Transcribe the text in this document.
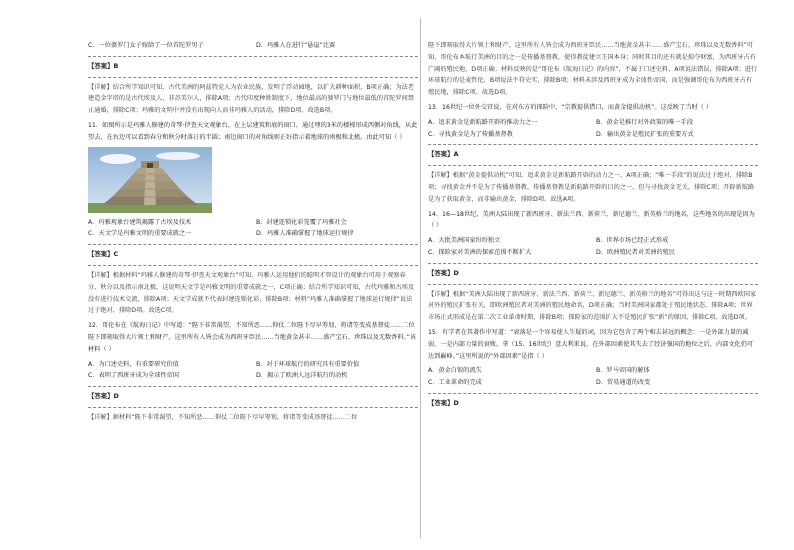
C．一位婆罗门女子嫁给了一位首陀罗男子	D．玛雅人在进行“悬崖”比赛

【答案】B

【详解】结合所学知识可知，古代美洲的阿兹特克人为农业民族，发明了浮动园地，以扩大耕种面积，B项正确；为法老建造金字塔的是古代埃及人，非苏美尔人，排除A项；古代印度种姓制度下，地位最高的婆罗门与地位最低的首陀罗间禁止通婚，排除C项；玛雅的文明中并没有出现向人而非玛雅人的活动，排除D项。故选B项。

11．如图所示是玛雅人修建的奇琴·伊查天文观象台，在上层建筑和底的窗口，通过埋的3米的楼梯形成西侧对角线，从此望去，在右边可以看到春分和秋分时落日的半圆；南边窗口的对角线则正好指示着地球的南极和北极。由此可知（ ）

A．玛雅观象台建筑揭露了古埃及技术	B．封建连锁化彩笼覆了玛雅社会
C．天文学是玛雅文明的重要成就之一	D．玛雅人准确掌握了地球运行规律

【答案】C

【详解】根据材料“玛雅人修建的奇琴·伊查天文观象台”可知，玛雅人运用他们的聪明才智设计的观象台可用于观察春分、秋分以及指示南北极，这说明天文学是玛雅文明的重要成就之一，C项正确；结合所学知识可知，古代玛雅和古埃及没有进行技术交流，排除A项；天文学成就不代表封建连锁化彩，排除B项；材料“玛雅人准确掌握了地球运行规律”说法过于绝对，排除D项。故选C项。

12．哥伦布在《航海日记》中写道：“陛下非常渴望，不知所恶……仰仗二位陛下尽早筹划，将诸等变成基督徒……二位陛下即刻取得大片领土和财产，这里所有人皆会成为西班牙臣民……当地黄金甚丰……盛产宝石、珍珠以及无数香料。”该材料（ ）

A．为口述史料，有重要研究价值	B．对于环球航行的研究具有重要价值
C．表明了西班牙成为全球性帝国	D．揭示了欧洲人远洋航行的动机

【答案】D

【详解】据材料“陛下非常渴望，不知所恶……仰仗二位陛下尽早筹划，将诸等变成基督徒……二位

陛下即刻取得大片领土和财产，这里所有人皆会成为西班牙臣民……当地黄金甚丰……盛产宝石、珍珠以及无数香料”可知，哥伦布本航行美洲的目的之一是传播基督教，使得教徒建立王国本身；同时其目的还有就是掠夺财富，为西班牙占有广阔的殖民地，D项正确；材料反映的是“哥伦布《航海日记》的内容”，不属于口述史料，A项说法错误，排除A项；进行环球航行的是麦哲伦，B项说法不符史实，排除B项；材料未涉及西班牙成为全球性帝国，而是强调哥伦布为西班牙占有殖民地，排除C项。故选D项。

13．16世纪一位外交官说，在对东方的探险中，“宗教提供借口，而黄金提供动机”。这反映了当时（ ）

A．追求黄金是新航路开辟的推动力之一	B．黄金是推行对外政策的唯一手段
C．寻找黄金是为了传播基督教	D．输出黄金是殖民扩张的重要方式

【答案】A

【详解】根据“黄金提供动机”可知，追求黄金是新航路开辟的动力之一，A项正确；“唯一手段”的说法过于绝对，排除B项；寻找黄金并不是为了传播基督教，传播基督教是新航路开辟的目的之一，但与寻找黄金无关，排除C项；开辟新航路是为了获取黄金，而非输出黄金，排除D项。故选A项。

14．16—18世纪，美洲大陆出现了新西班牙、新法兰西、新荷兰、新尼德兰、新英格兰的地名，这些地名的出现是因为（ ）

A．大批美洲国家纷纷独立	B．世界市场已经正式形成
C．探险家对美洲的探索范围不断扩大	D．欧洲殖民者对美洲的殖民

【答案】D

【详解】根据“美洲大陆出现了新西班牙、新法兰西、新荷兰、新尼德兰、新英格兰的地名”可得出这与这一时期西欧国家对外的殖民扩张有关，即欧洲殖民者对美洲的殖民地命名，D项正确；当时美洲国家都处于殖民地状态，排除A项；世界市场正式形成是在第二次工业革命时期，排除B项；探险家的范围扩大不是殖民扩张“新”的原因，排除C项。故选D项。

15．有学者在其著作中写道：“衰落是一个容易使人生疑的词，因为它包含了两个相去甚远的概念：一是外部力量的减弱，一是内部力量的衰败。拿（15、16世纪）意大利来说，在外部因素使其失去了经济强国的地位之后，内部文化仍可达到巅峰。”这里所说的“外部因素”是指（ ）

A．黄金白银的流失	B．罗马帝国的解体
C．工业革命的完成	D．贸易通道的改变

【答案】D
